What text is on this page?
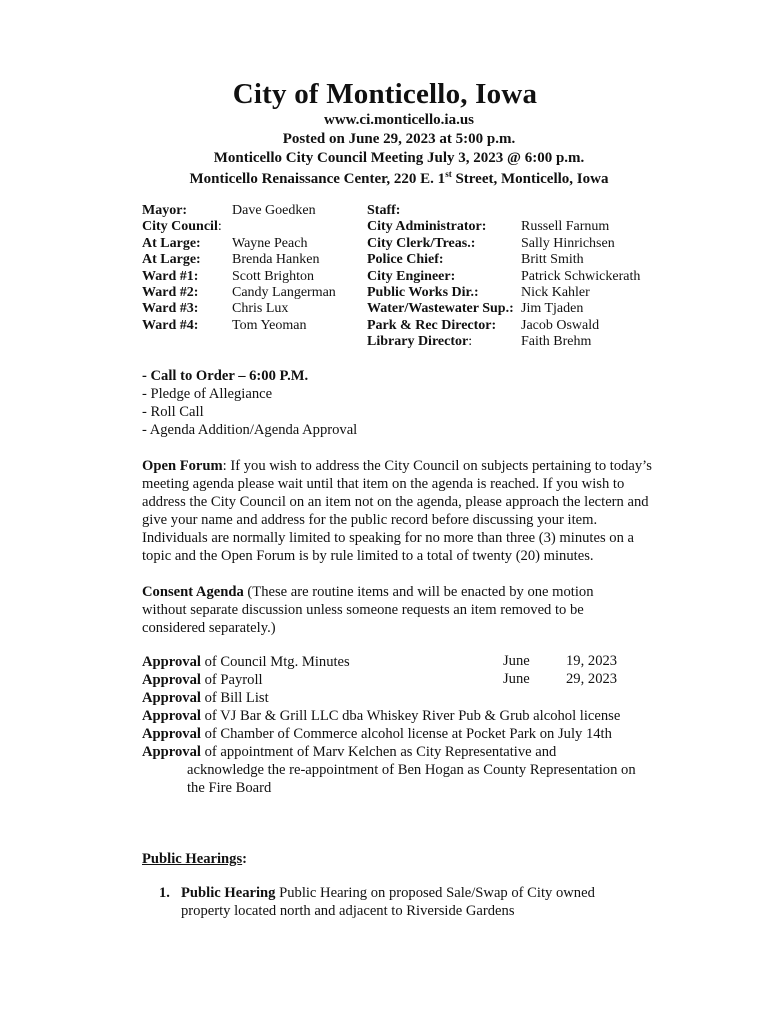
City of Monticello, Iowa
www.ci.monticello.ia.us
Posted on June 29, 2023 at 5:00 p.m.
Monticello City Council Meeting July 3, 2023 @ 6:00 p.m.
Monticello Renaissance Center, 220 E. 1st Street, Monticello, Iowa
Mayor:	Dave Goedken
City Council:
At Large: Wayne Peach
At Large: Brenda Hanken
Ward #1: Scott Brighton
Ward #2: Candy Langerman
Ward #3: Chris Lux
Ward #4: Tom Yeoman
Staff:
City Administrator: Russell Farnum
City Clerk/Treas.:	Sally Hinrichsen
Police Chief:	Britt Smith
City Engineer:	Patrick Schwickerath
Public Works Dir.:	Nick Kahler
Water/Wastewater Sup.: Jim Tjaden
Park & Rec Director: Jacob Oswald
Library Director:	Faith Brehm
- Call to Order – 6:00 P.M.
- Pledge of Allegiance
- Roll Call
- Agenda Addition/Agenda Approval
Open Forum: If you wish to address the City Council on subjects pertaining to today’s meeting agenda please wait until that item on the agenda is reached. If you wish to address the City Council on an item not on the agenda, please approach the lectern and give your name and address for the public record before discussing your item. Individuals are normally limited to speaking for no more than three (3) minutes on a topic and the Open Forum is by rule limited to a total of twenty (20) minutes.
Consent Agenda (These are routine items and will be enacted by one motion without separate discussion unless someone requests an item removed to be considered separately.)
Approval of Council Mtg. Minutes	June 19, 2023
Approval of Payroll	June 29, 2023
Approval of Bill List
Approval of VJ Bar & Grill LLC dba Whiskey River Pub & Grub alcohol license
Approval of Chamber of Commerce alcohol license at Pocket Park on July 14th
Approval of appointment of Marv Kelchen as City Representative and
acknowledge the re-appointment of Ben Hogan as County Representation on
the Fire Board
Public Hearings:
1. Public Hearing Public Hearing on proposed Sale/Swap of City owned
property located north and adjacent to Riverside Gardens
